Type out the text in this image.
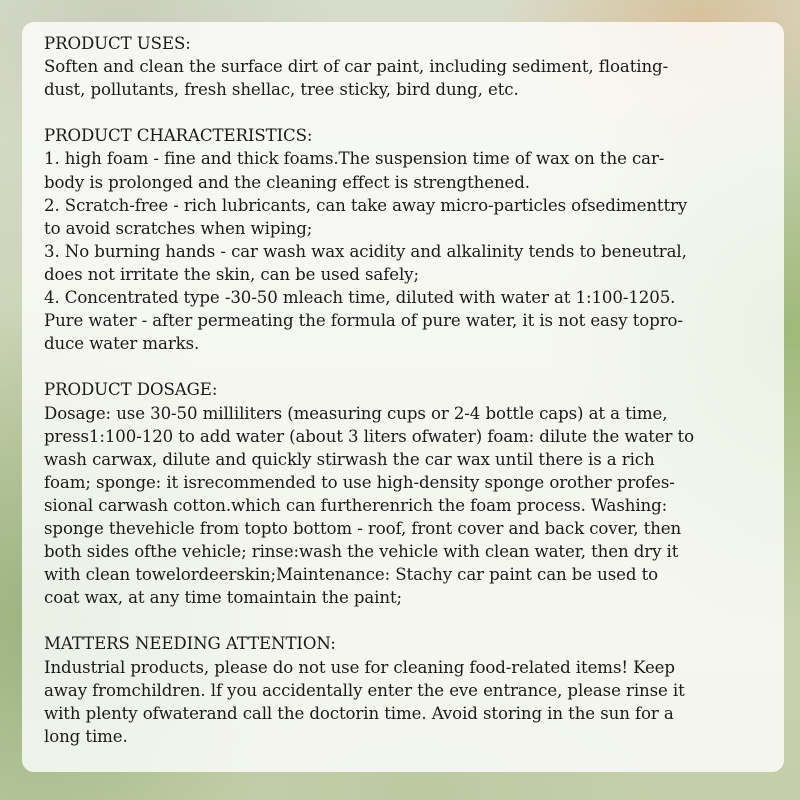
PRODUCT USES:
Soften and clean the surface dirt of car paint, including sediment, floating-
dust, pollutants, fresh shellac, tree sticky, bird dung, etc.
PRODUCT CHARACTERISTICS:
1. high foam - fine and thick foams.The suspension time of wax on the car-
body is prolonged and the cleaning effect is strengthened.
2. Scratch-free - rich lubricants, can take away micro-particles ofsedimenttry
to avoid scratches when wiping;
3. No burning hands - car wash wax acidity and alkalinity tends to beneutral,
does not irritate the skin, can be used safely;
4. Concentrated type -30-50 mleach time, diluted with water at 1:100-1205.
Pure water - after permeating the formula of pure water, it is not easy topro-
duce water marks.
PRODUCT DOSAGE:
Dosage: use 30-50 milliliters (measuring cups or 2-4 bottle caps) at a time,
press1:100-120 to add water (about 3 liters ofwater) foam: dilute the water to
wash carwax, dilute and quickly stirwash the car wax until there is a rich
foam; sponge: it isrecommended to use high-density sponge orother profes-
sional carwash cotton.which can furtherenrich the foam process. Washing:
sponge thevehicle from topto bottom - roof, front cover and back cover, then
both sides ofthe vehicle; rinse:wash the vehicle with clean water, then dry it
with clean towelordeerskin;Maintenance: Stachy car paint can be used to
coat wax, at any time tomaintain the paint;
MATTERS NEEDING ATTENTION:
Industrial products, please do not use for cleaning food-related items! Keep
away fromchildren. lf you accidentally enter the eve entrance, please rinse it
with plenty ofwaterand call the doctorin time. Avoid storing in the sun for a
long time.
